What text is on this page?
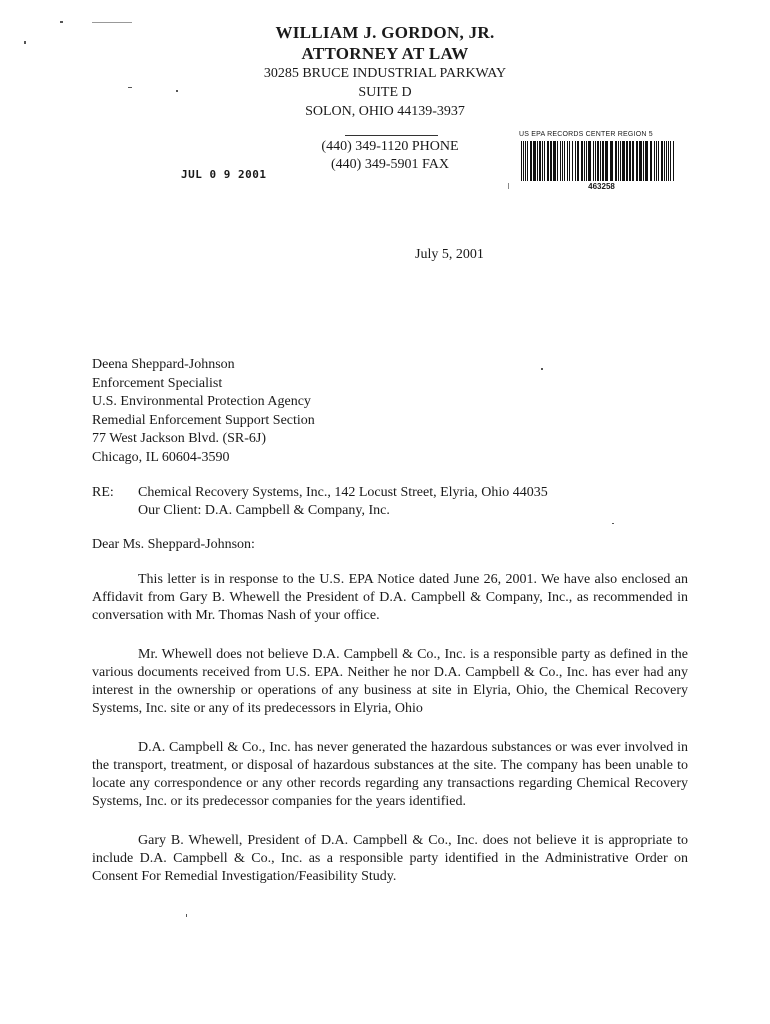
WILLIAM J. GORDON, JR.
ATTORNEY AT LAW
30285 BRUCE INDUSTRIAL PARKWAY
SUITE D
SOLON, OHIO 44139-3937
(440) 349-1120 PHONE
(440) 349-5901 FAX
JUL 0 9 2001
US EPA RECORDS CENTER REGION 5
463258
July 5, 2001
Deena Sheppard-Johnson
Enforcement Specialist
U.S. Environmental Protection Agency
Remedial Enforcement Support Section
77 West Jackson Blvd. (SR-6J)
Chicago, IL 60604-3590
RE: Chemical Recovery Systems, Inc., 142 Locust Street, Elyria, Ohio 44035
Our Client: D.A. Campbell & Company, Inc.
Dear Ms. Sheppard-Johnson:

This letter is in response to the U.S. EPA Notice dated June 26, 2001. We have also enclosed an Affidavit from Gary B. Whewell the President of D.A. Campbell & Company, Inc., as recommended in conversation with Mr. Thomas Nash of your office.

Mr. Whewell does not believe D.A. Campbell & Co., Inc. is a responsible party as defined in the various documents received from U.S. EPA. Neither he nor D.A. Campbell & Co., Inc. has ever had any interest in the ownership or operations of any business at site in Elyria, Ohio, the Chemical Recovery Systems, Inc. site or any of its predecessors in Elyria, Ohio

D.A. Campbell & Co., Inc. has never generated the hazardous substances or was ever involved in the transport, treatment, or disposal of hazardous substances at the site. The company has been unable to locate any correspondence or any other records regarding any transactions regarding Chemical Recovery Systems, Inc. or its predecessor companies for the years identified.

Gary B. Whewell, President of D.A. Campbell & Co., Inc. does not believe it is appropriate to include D.A. Campbell & Co., Inc. as a responsible party identified in the Administrative Order on Consent For Remedial Investigation/Feasibility Study.
